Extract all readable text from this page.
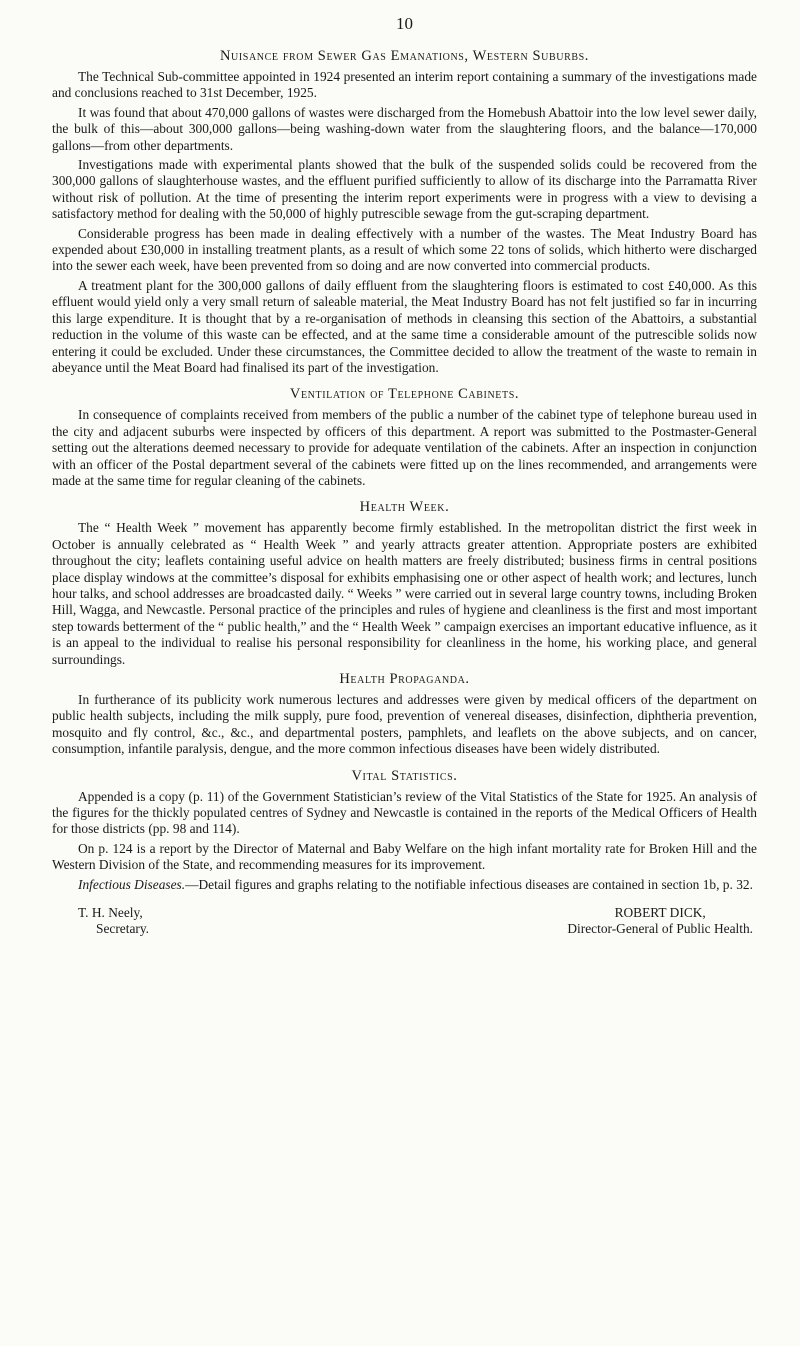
10
Nuisance from Sewer Gas Emanations, Western Suburbs.

The Technical Sub-committee appointed in 1924 presented an interim report containing a summary of the investigations made and conclusions reached to 31st December, 1925.

It was found that about 470,000 gallons of wastes were discharged from the Homebush Abattoir into the low level sewer daily, the bulk of this—about 300,000 gallons—being washing-down water from the slaughtering floors, and the balance—170,000 gallons—from other departments.

Investigations made with experimental plants showed that the bulk of the suspended solids could be recovered from the 300,000 gallons of slaughterhouse wastes, and the effluent purified sufficiently to allow of its discharge into the Parramatta River without risk of pollution. At the time of presenting the interim report experiments were in progress with a view to devising a satisfactory method for dealing with the 50,000 of highly putrescible sewage from the gut-scraping department.

Considerable progress has been made in dealing effectively with a number of the wastes. The Meat Industry Board has expended about £30,000 in installing treatment plants, as a result of which some 22 tons of solids, which hitherto were discharged into the sewer each week, have been prevented from so doing and are now converted into commercial products.

A treatment plant for the 300,000 gallons of daily effluent from the slaughtering floors is estimated to cost £40,000. As this effluent would yield only a very small return of saleable material, the Meat Industry Board has not felt justified so far in incurring this large expenditure. It is thought that by a re-organisation of methods in cleansing this section of the Abattoirs, a substantial reduction in the volume of this waste can be effected, and at the same time a considerable amount of the putrescible solids now entering it could be excluded. Under these circumstances, the Committee decided to allow the treatment of the waste to remain in abeyance until the Meat Board had finalised its part of the investigation.

Ventilation of Telephone Cabinets.

In consequence of complaints received from members of the public a number of the cabinet type of telephone bureau used in the city and adjacent suburbs were inspected by officers of this department. A report was submitted to the Postmaster-General setting out the alterations deemed necessary to provide for adequate ventilation of the cabinets. After an inspection in conjunction with an officer of the Postal department several of the cabinets were fitted up on the lines recommended, and arrangements were made at the same time for regular cleaning of the cabinets.

Health Week.

The “ Health Week ” movement has apparently become firmly established. In the metropolitan district the first week in October is annually celebrated as “ Health Week ” and yearly attracts greater attention. Appropriate posters are exhibited throughout the city; leaflets containing useful advice on health matters are freely distributed; business firms in central positions place display windows at the committee’s disposal for exhibits emphasising one or other aspect of health work; and lectures, lunch hour talks, and school addresses are broadcasted daily. “ Weeks ” were carried out in several large country towns, including Broken Hill, Wagga, and Newcastle. Personal practice of the principles and rules of hygiene and cleanliness is the first and most important step towards betterment of the “ public health,” and the “ Health Week ” campaign exercises an important educative influence, as it is an appeal to the individual to realise his personal responsibility for cleanliness in the home, his working place, and general surroundings.

Health Propaganda.

In furtherance of its publicity work numerous lectures and addresses were given by medical officers of the department on public health subjects, including the milk supply, pure food, prevention of venereal diseases, disinfection, diphtheria prevention, mosquito and fly control, &c., &c., and departmental posters, pamphlets, and leaflets on the above subjects, and on cancer, consumption, infantile paralysis, dengue, and the more common infectious diseases have been widely distributed.

Vital Statistics.

Appended is a copy (p. 11) of the Government Statistician’s review of the Vital Statistics of the State for 1925. An analysis of the figures for the thickly populated centres of Sydney and Newcastle is contained in the reports of the Medical Officers of Health for those districts (pp. 98 and 114).

On p. 124 is a report by the Director of Maternal and Baby Welfare on the high infant mortality rate for Broken Hill and the Western Division of the State, and recommending measures for its improvement.

Infectious Diseases.—Detail figures and graphs relating to the notifiable infectious diseases are contained in section 1b, p. 32.

T. H. Neely,
Secretary.
ROBERT DICK,
Director-General of Public Health.
